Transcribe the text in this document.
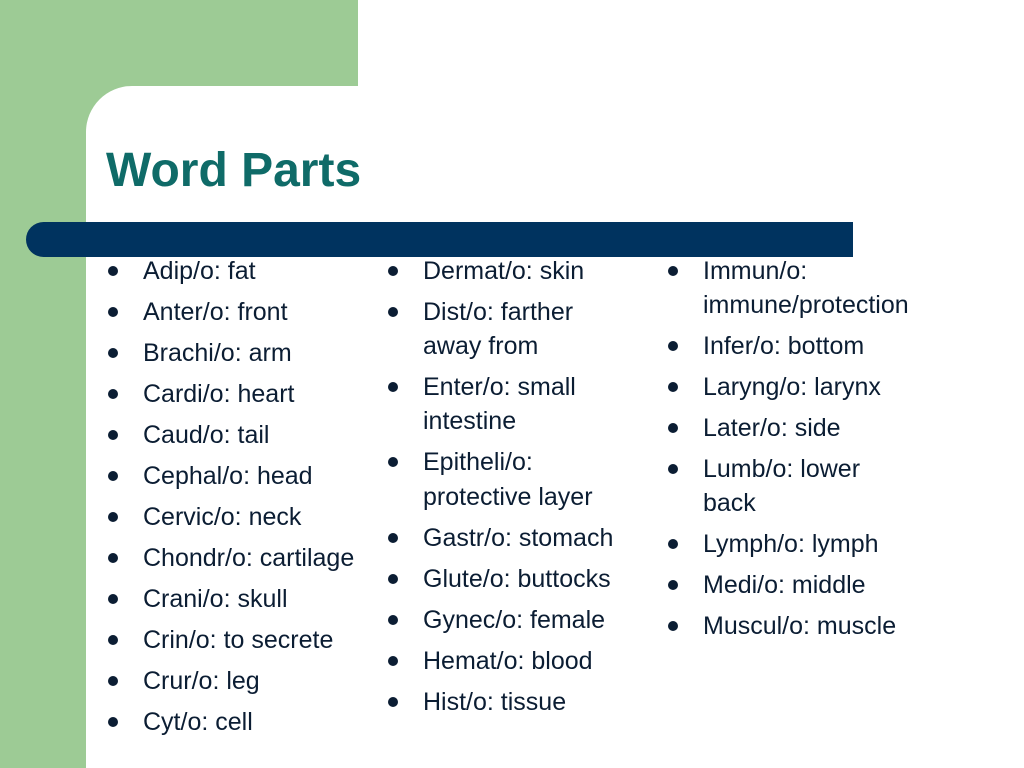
Word Parts
Adip/o: fat
Anter/o: front
Brachi/o: arm
Cardi/o: heart
Caud/o: tail
Cephal/o: head
Cervic/o: neck
Chondr/o: cartilage
Crani/o: skull
Crin/o: to secrete
Crur/o: leg
Cyt/o: cell
Dermat/o: skin
Dist/o: farther
away from
Enter/o: small
intestine
Epitheli/o:
protective layer
Gastr/o: stomach
Glute/o: buttocks
Gynec/o: female
Hemat/o: blood
Hist/o: tissue
Immun/o:
immune/protection
Infer/o: bottom
Laryng/o: larynx
Later/o: side
Lumb/o: lower
back
Lymph/o: lymph
Medi/o: middle
Muscul/o: muscle
